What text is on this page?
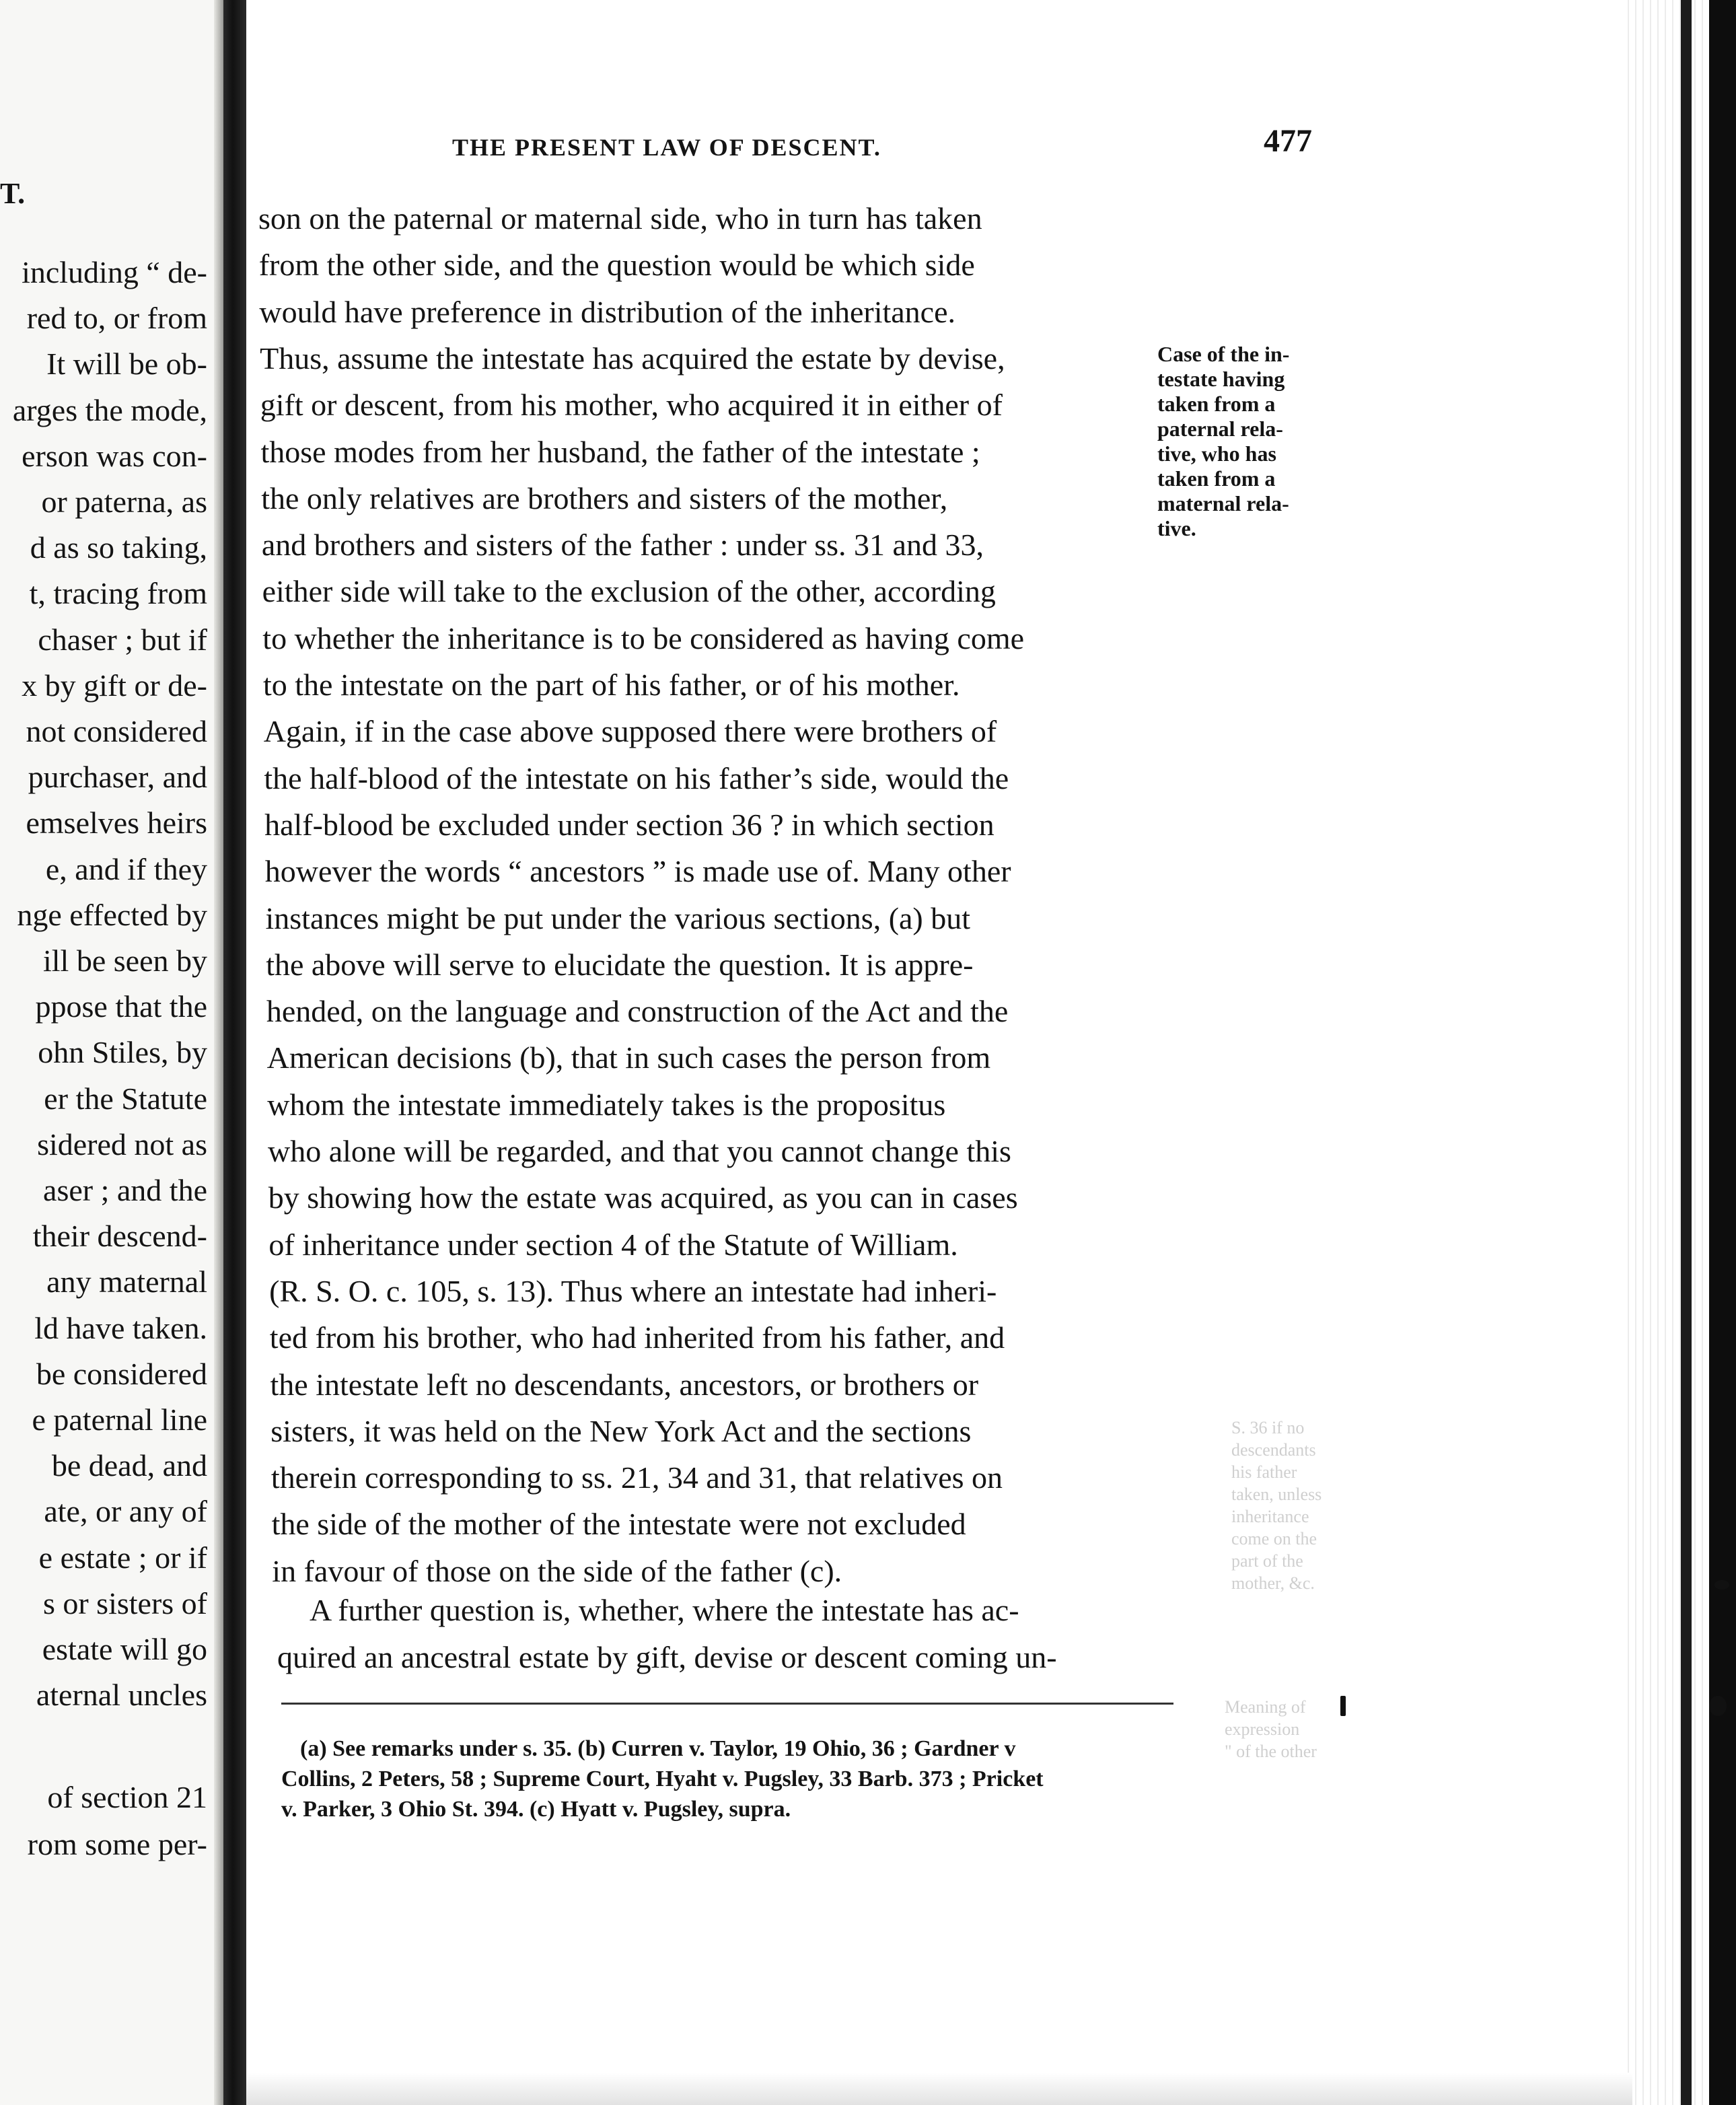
T.
including “ de-
red to, or from
It will be ob-
arges the mode,
erson was con-
or paterna, as
d as so taking,
t, tracing from
chaser ; but if
x by gift or de-
not considered
purchaser, and
emselves heirs
e, and if they
nge effected by
ill be seen by
ppose that the
ohn Stiles, by
er the Statute
sidered not as
aser ; and the
their descend-
any maternal
ld have taken.
be considered
e paternal line
be dead, and
ate, or any of
e estate ; or if
s or sisters of
estate will go
aternal uncles
of section 21
rom some per-
S. 36 if no
descendants
his father
taken, unless
inheritance
come on the
part of the
mother, &c.
Meaning of
expression
" of the other
THE PRESENT LAW OF DESCENT.	477
son on the paternal or maternal side, who in turn has taken
from the other side, and the question would be which side
would have preference in distribution of the inheritance.
Thus, assume the intestate has acquired the estate by devise,
gift or descent, from his mother, who acquired it in either of
those modes from her husband, the father of the intestate ;
the only relatives are brothers and sisters of the mother,
and brothers and sisters of the father : under ss. 31 and 33,
either side will take to the exclusion of the other, according
to whether the inheritance is to be considered as having come
to the intestate on the part of his father, or of his mother.
Again, if in the case above supposed there were brothers of
the half-blood of the intestate on his father’s side, would the
half-blood be excluded under section 36 ? in which section
however the words “ ancestors ” is made use of. Many other
instances might be put under the various sections, (a) but
the above will serve to elucidate the question. It is appre-
hended, on the language and construction of the Act and the
American decisions (b), that in such cases the person from
whom the intestate immediately takes is the propositus
who alone will be regarded, and that you cannot change this
by showing how the estate was acquired, as you can in cases
of inheritance under section 4 of the Statute of William.
(R. S. O. c. 105, s. 13). Thus where an intestate had inheri-
ted from his brother, who had inherited from his father, and
the intestate left no descendants, ancestors, or brothers or
sisters, it was held on the New York Act and the sections
therein corresponding to ss. 21, 34 and 31, that relatives on
the side of the mother of the intestate were not excluded
in favour of those on the side of the father (c).
A further question is, whether, where the intestate has ac-
quired an ancestral estate by gift, devise or descent coming un-
Case of the in-
testate having
taken from a
paternal rela-
tive, who has
taken from a
maternal rela-
tive.
(a) See remarks under s. 35. (b) Curren v. Taylor, 19 Ohio, 36 ; Gardner v
Collins, 2 Peters, 58 ; Supreme Court, Hyaht v. Pugsley, 33 Barb. 373 ; Pricket
v. Parker, 3 Ohio St. 394. (c) Hyatt v. Pugsley, supra.
